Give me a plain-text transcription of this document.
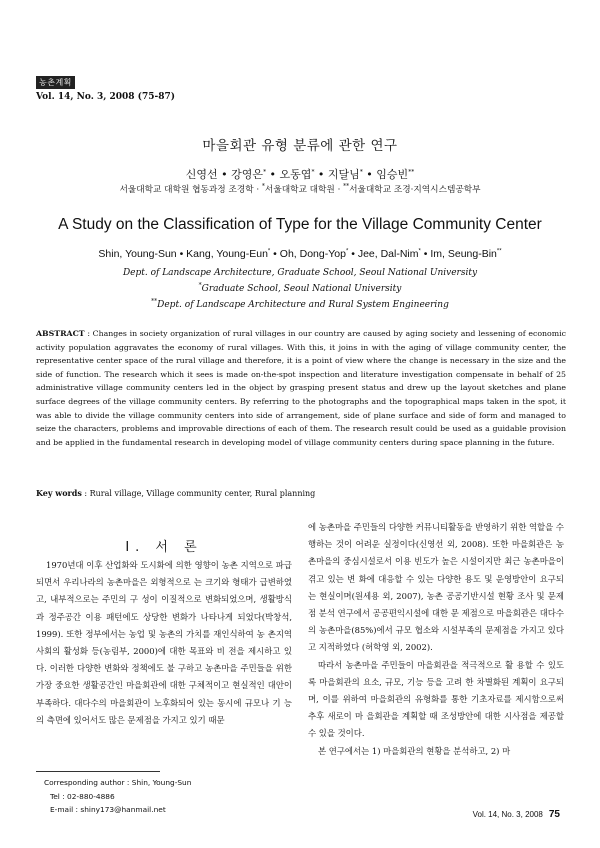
농촌계획
Vol. 14, No. 3, 2008 (75-87)
마을회관 유형 분류에 관한 연구
신영선 • 강영은* • 오동엽* • 지달님* • 임승빈**
서울대학교 대학원 협동과정 조경학 · *서울대학교 대학원 · **서울대학교 조경·지역시스템공학부
A Study on the Classification of Type for the Village Community Center
Shin, Young-Sun • Kang, Young-Eun* • Oh, Dong-Yop* • Jee, Dal-Nim* • Im, Seung-Bin**
Dept. of Landscape Architecture, Graduate School, Seoul National University
*Graduate School, Seoul National University
**Dept. of Landscape Architecture and Rural System Engineering
ABSTRACT : Changes in society organization of rural villages in our country are caused by aging society and lessening of economic activity population aggravates the economy of rural villages. With this, it joins in with the aging of village community center, the representative center space of the rural village and therefore, it is a point of view where the change is necessary in the size and the side of function. The research which it sees is made on-the-spot inspection and literature investigation compensate in behalf of 25 administrative village community centers led in the object by grasping present status and drew up the layout sketches and plane surface degrees of the village community centers. By referring to the photographs and the topographical maps taken in the spot, it was able to divide the village community centers into side of arrangement, side of plane surface and side of form and managed to seize the characters, problems and improvable directions of each of them. The research result could be used as a guidable provision and be applied in the fundamental research in developing model of village community centers during space planning in the future.
Key words : Rural village, Village community center, Rural planning
I. 서 론

1970년대 이후 산업화와 도시화에 의한 영향이 농촌 지역으로 파급되면서 우리나라의 농촌마을은 외형적으로 는 크기와 형태가 급변하였고, 내부적으로는 주민의 구 성이 이질적으로 변화되었으며, 생활방식과 정주공간 이용 패턴에도 상당한 변화가 나타나게 되었다(박창석, 1999). 또한 정부에서는 농업 및 농촌의 가치를 재인식하여 농 촌지역사회의 활성화 등(농림부, 2000)에 대한 목표와 비 전을 제시하고 있다. 이러한 다양한 변화와 정책에도 불 구하고 농촌마을 주민들을 위한 가장 중요한 생활공간인 마을회관에 대한 구체적이고 현실적인 대안이 부족하다. 대다수의 마을회관이 노후화되어 있는 동시에 규모나 기 능의 측면에 있어서도 많은 문제점을 가지고 있기 때문

에 농촌마을 주민들의 다양한 커뮤니티활동을 반영하기 위한 역할을 수행하는 것이 어려운 실정이다(신영선 외, 2008). 또한 마을회관은 농촌마을의 중심시설로서 이용 빈도가 높은 시설이지만 최근 농촌마을이 겪고 있는 변 화에 대응할 수 있는 다양한 용도 및 운영방안이 요구되 는 현실이며(원세용 외, 2007), 농촌 공공기반시설 현황 조사 및 문제점 분석 연구에서 공공편익시설에 대한 문 제점으로 마을회관은 대다수의 농촌마을(85%)에서 규모 협소와 시설부족의 문제점을 가지고 있다고 지적하였다 (허학영 외, 2002).

따라서 농촌마을 주민들이 마을회관을 적극적으로 활 용할 수 있도록 마을회관의 요소, 규모, 기능 등을 고려 한 차별화된 계획이 요구되며, 이를 위하여 마을회관의 유형화를 통한 기초자료를 제시함으로써 추후 새로이 마 을회관을 계획할 때 조성방안에 대한 시사점을 제공할 수 있을 것이다.

본 연구에서는 1) 마을회관의 현황을 분석하고, 2) 마

Corresponding author : Shin, Young-Sun
Tel : 02-880-4886
E-mail : shiny173@hanmail.net
Vol. 14, No. 3, 2008 75
